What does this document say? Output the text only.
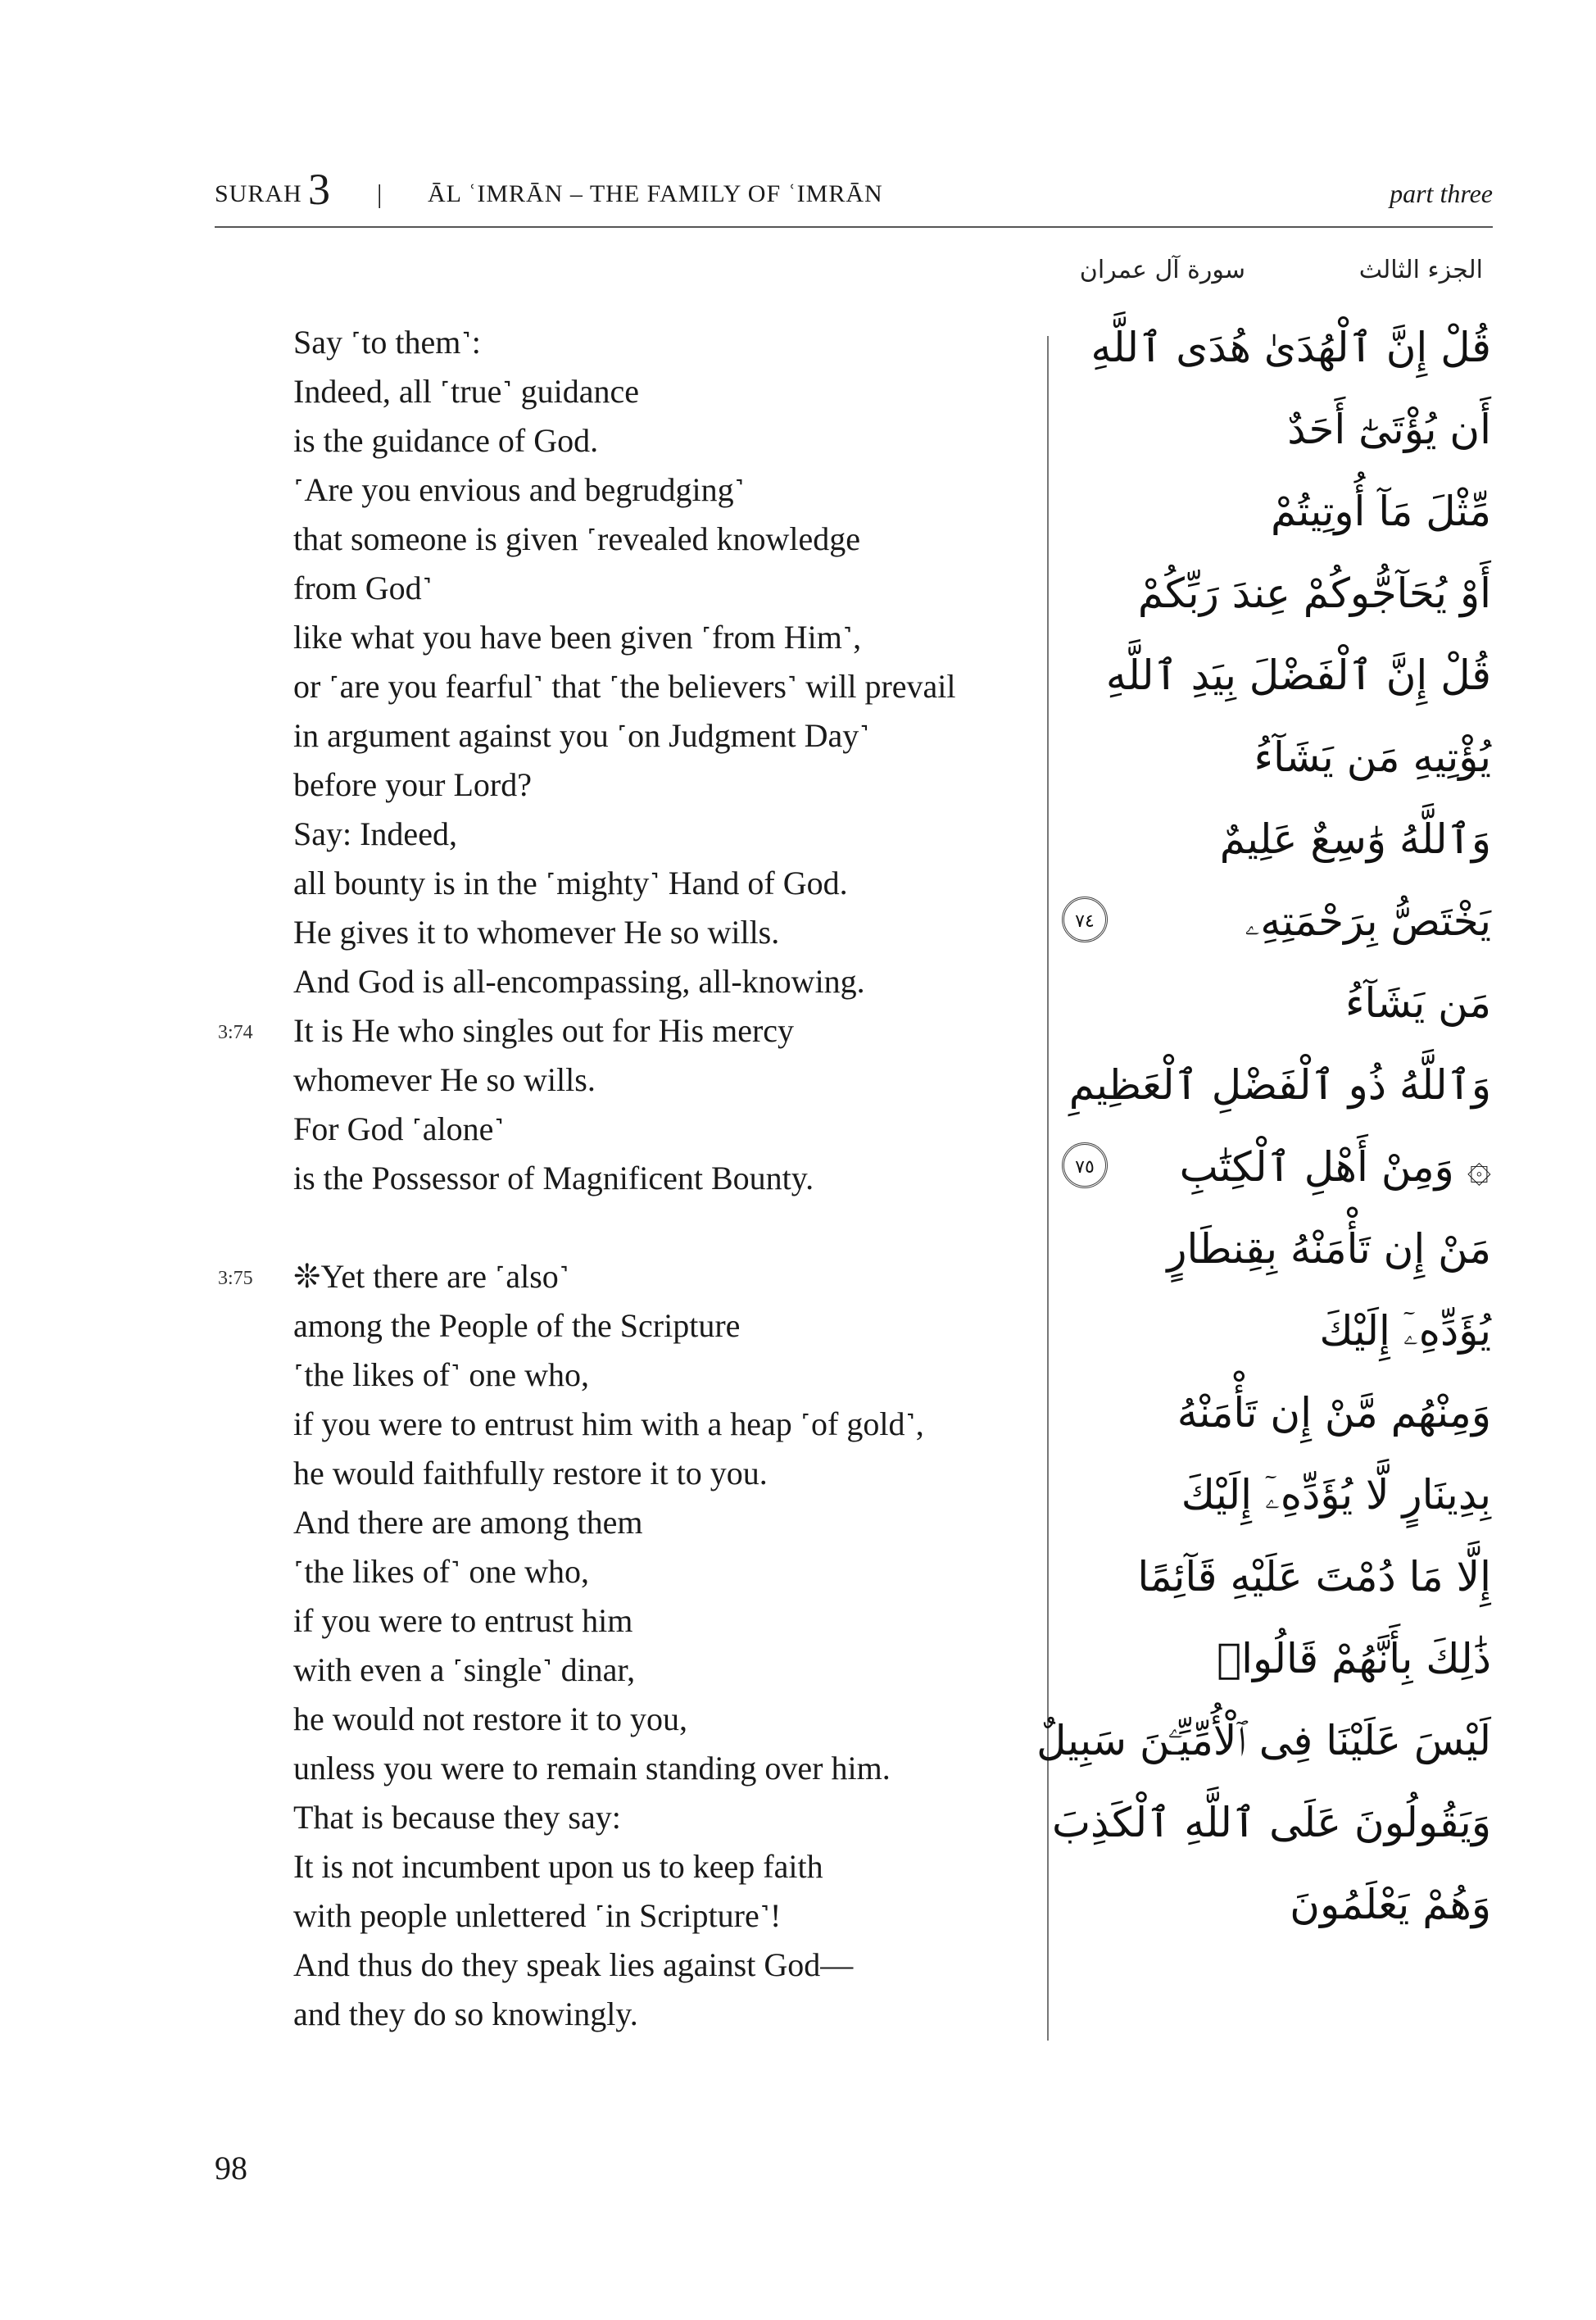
SURAH 3 | ĀL ʿIMRĀN – THE FAMILY OF ʿIMRĀN	part three
الجزء الثالث
سورة آل عمران
Say ˹to them˺:
Indeed, all ˹true˺ guidance
is the guidance of God.
˹Are you envious and begrudging˺
that someone is given ˹revealed knowledge
from God˺
like what you have been given ˹from Him˺,
or ˹are you fearful˺ that ˹the believers˺ will prevail
in argument against you ˹on Judgment Day˺
before your Lord?
Say: Indeed,
all bounty is in the ˹mighty˺ Hand of God.
He gives it to whomever He so wills.
And God is all-encompassing, all-knowing.
3:74 It is He who singles out for His mercy
whomever He so wills.
For God ˹alone˺
is the Possessor of Magnificent Bounty.
3:75 ❊Yet there are ˹also˺
among the People of the Scripture
˹the likes of˺ one who,
if you were to entrust him with a heap ˹of gold˺,
he would faithfully restore it to you.
And there are among them
˹the likes of˺ one who,
if you were to entrust him
with even a ˹single˺ dinar,
he would not restore it to you,
unless you were to remain standing over him.
That is because they say:
It is not incumbent upon us to keep faith
with people unlettered ˹in Scripture˺!
And thus do they speak lies against God—
and they do so knowingly.
قُلْ إِنَّ ٱلْهُدَىٰ هُدَى ٱللَّهِ
أَن يُؤْتَىٰٓ أَحَدٌ
مِّثْلَ مَآ أُوتِيتُمْ
أَوْ يُحَآجُّوكُمْ عِندَ رَبِّكُمْ
قُلْ إِنَّ ٱلْفَضْلَ بِيَدِ ٱللَّهِ
يُؤْتِيهِ مَن يَشَآءُ
وَٱللَّهُ وَٰسِعٌ عَلِيمٌ
يَخْتَصُّ بِرَحْمَتِهِۦ
٧٤
مَن يَشَآءُ
وَٱللَّهُ ذُو ٱلْفَضْلِ ٱلْعَظِيمِ
۞ وَمِنْ أَهْلِ ٱلْكِتَٰبِ
٧٥
مَنْ إِن تَأْمَنْهُ بِقِنطَارٍ
يُؤَدِّهِۦٓ إِلَيْكَ
وَمِنْهُم مَّنْ إِن تَأْمَنْهُ
بِدِينَارٍ لَّا يُؤَدِّهِۦٓ إِلَيْكَ
إِلَّا مَا دُمْتَ عَلَيْهِ قَآئِمًا
ذَٰلِكَ بِأَنَّهُمْ قَالُوا۟
لَيْسَ عَلَيْنَا فِى ٱلْأُمِّيِّـۧنَ سَبِيلٌ
وَيَقُولُونَ عَلَى ٱللَّهِ ٱلْكَذِبَ
وَهُمْ يَعْلَمُونَ
98
